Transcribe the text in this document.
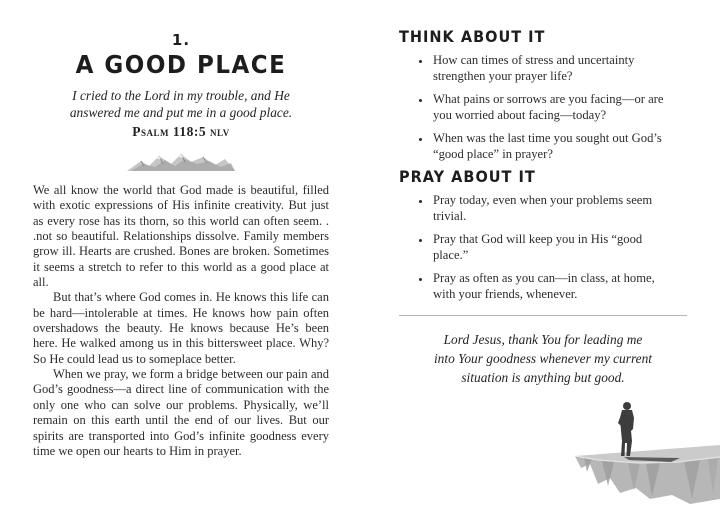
1.
A GOOD PLACE
I cried to the Lord in my trouble, and He
answered me and put me in a good place.
Psalm 118:5 nlv

We all know the world that God made is beautiful, filled with exotic expressions of His infinite creativity. But just as every rose has its thorn, so this world can often seem. . .not so beautiful. Relationships dissolve. Family members grow ill. Hearts are crushed. Bones are broken. Sometimes it seems a stretch to refer to this world as a good place at all.

But that’s where God comes in. He knows this life can be hard—intolerable at times. He knows how pain often overshadows the beauty. He knows because He’s been here. He walked among us in this bittersweet place. Why? So He could lead us to someplace better.

When we pray, we form a bridge between our pain and God’s goodness—a direct line of communication with the only one who can solve our problems. Physically, we’ll remain on this earth until the end of our lives. But our spirits are transported into God’s infinite goodness every time we open our hearts to Him in prayer.

THINK ABOUT IT
• How can times of stress and uncertainty strengthen your prayer life?
• What pains or sorrows are you facing—or are you worried about facing—today?
• When was the last time you sought out God’s “good place” in prayer?
PRAY ABOUT IT
• Pray today, even when your problems seem trivial.
• Pray that God will keep you in His “good place.”
• Pray as often as you can—in class, at home, with your friends, whenever.
Lord Jesus, thank You for leading me
into Your goodness whenever my current
situation is anything but good.
